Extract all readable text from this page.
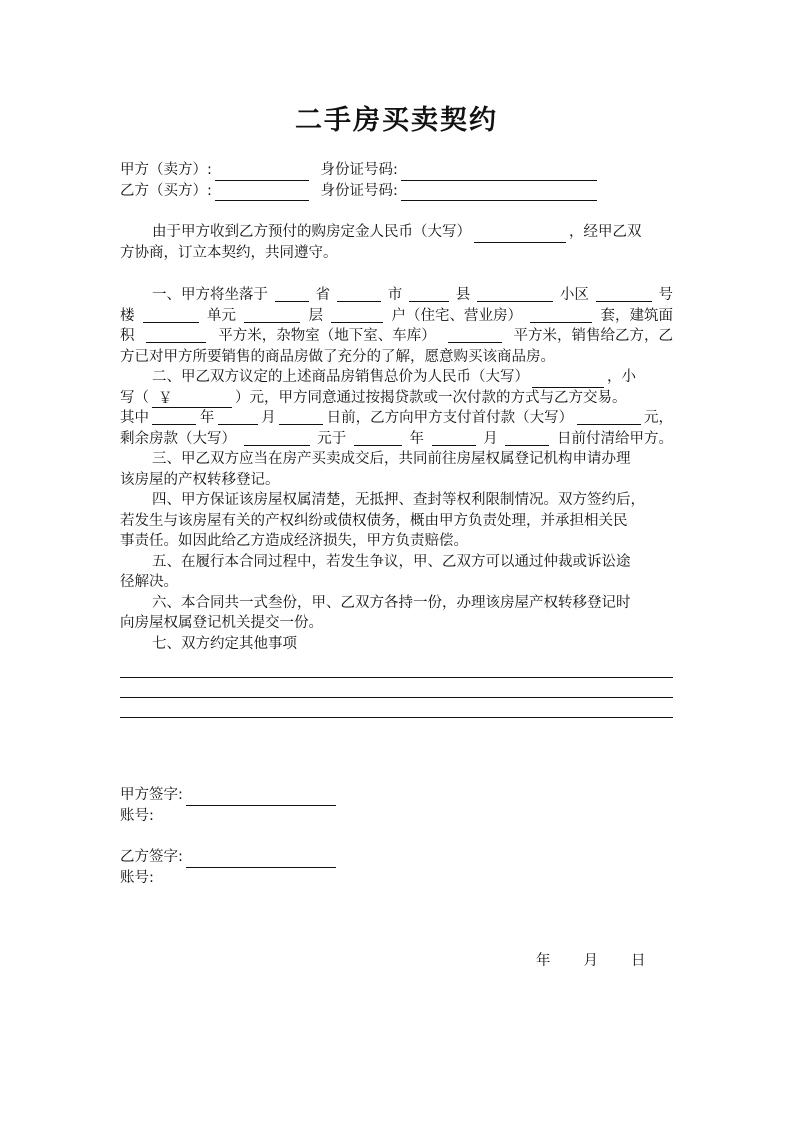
二手房买卖契约
甲方（卖方）:	身份证号码:
乙方（买方）:	身份证号码:
由于甲方收到乙方预付的购房定金人民币（大写）	，经甲乙双
方协商，订立本契约，共同遵守。
一、甲方将坐落于	省	市	县	小区	号
楼	单元	层	户（住宅、营业房）	套，建筑面
积	平方米，杂物室（地下室、车库）	平方米，销售给乙方，乙
方已对甲方所要销售的商品房做了充分的了解，愿意购买该商品房。
二、甲乙双方议定的上述商品房销售总价为人民币（大写）	，小
写（ ￥	）元，甲方同意通过按揭贷款或一次付款的方式与乙方交易。
其中	年	月	日前，乙方向甲方支付首付款（大写）	元，
剩余房款（大写）	元于	年	月	日前付清给甲方。
三、甲乙双方应当在房产买卖成交后，共同前往房屋权属登记机构申请办理
该房屋的产权转移登记。
四、甲方保证该房屋权属清楚，无抵押、查封等权利限制情况。双方签约后，
若发生与该房屋有关的产权纠纷或债权债务，概由甲方负责处理，并承担相关民
事责任。如因此给乙方造成经济损失，甲方负责赔偿。
五、在履行本合同过程中，若发生争议，甲、乙双方可以通过仲裁或诉讼途
径解决。
六、本合同共一式叁份，甲、乙双方各持一份，办理该房屋产权转移登记时
向房屋权属登记机关提交一份。
七、双方约定其他事项
甲方签字:
账号:
乙方签字:
账号:
年 月 日
